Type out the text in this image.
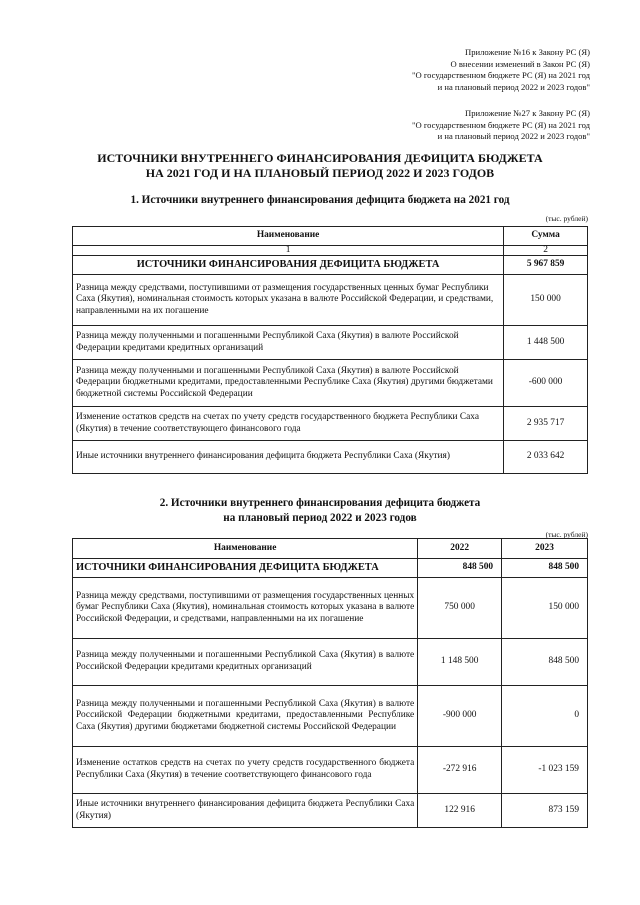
Приложение №16 к Закону РС (Я)

О внесении изменений в Закон РС (Я)

"О государственном бюджете РС (Я) на 2021 год

и на плановый период 2022 и 2023 годов"

Приложение №27 к Закону РС (Я)

"О государственном бюджете РС (Я) на 2021 год

и на плановый период 2022 и 2023 годов"

ИСТОЧНИКИ ВНУТРЕННЕГО ФИНАНСИРОВАНИЯ ДЕФИЦИТА БЮДЖЕТА

НА 2021 ГОД И НА ПЛАНОВЫЙ ПЕРИОД 2022 И 2023 ГОДОВ

1. Источники внутреннего финансирования дефицита бюджета на 2021 год

(тыс. рублей)
Наименование	Сумма
1	2
ИСТОЧНИКИ ФИНАНСИРОВАНИЯ ДЕФИЦИТА БЮДЖЕТА	5 967 859
Разница между средствами, поступившими от размещения государственных ценных бумаг Республики Саха (Якутия), номинальная стоимость которых указана в валюте Российской Федерации, и средствами, направленными на их погашение	150 000
Разница между полученными и погашенными Республикой Саха (Якутия) в валюте Российской Федерации кредитами кредитных организаций	1 448 500
Разница между полученными и погашенными Республикой Саха (Якутия) в валюте Российской Федерации бюджетными кредитами, предоставленными Республике Саха (Якутия) другими бюджетами бюджетной системы Российской Федерации	-600 000
Изменение остатков средств на счетах по учету средств государственного бюджета Республики Саха (Якутия) в течение соответствующего финансового года	2 935 717
Иные источники внутреннего финансирования дефицита бюджета Республики Саха (Якутия)	2 033 642

2. Источники внутреннего финансирования дефицита бюджета

на плановый период 2022 и 2023 годов

(тыс. рублей)
Наименование	2022	2023
ИСТОЧНИКИ ФИНАНСИРОВАНИЯ ДЕФИЦИТА БЮДЖЕТА	848 500	848 500
Разница между средствами, поступившими от размещения государственных ценных бумаг Республики Саха (Якутия), номинальная стоимость которых указана в валюте Российской Федерации, и средствами, направленными на их погашение	750 000	150 000
Разница между полученными и погашенными Республикой Саха (Якутия) в валюте Российской Федерации кредитами кредитных организаций	1 148 500	848 500
Разница между полученными и погашенными Республикой Саха (Якутия) в валюте Российской Федерации бюджетными кредитами, предоставленными Республике Саха (Якутия) другими бюджетами бюджетной системы Российской Федерации	-900 000	0
Изменение остатков средств на счетах по учету средств государственного бюджета Республики Саха (Якутия) в течение соответствующего финансового года	-272 916	-1 023 159
Иные источники внутреннего финансирования дефицита бюджета Республики Саха (Якутия)	122 916	873 159
